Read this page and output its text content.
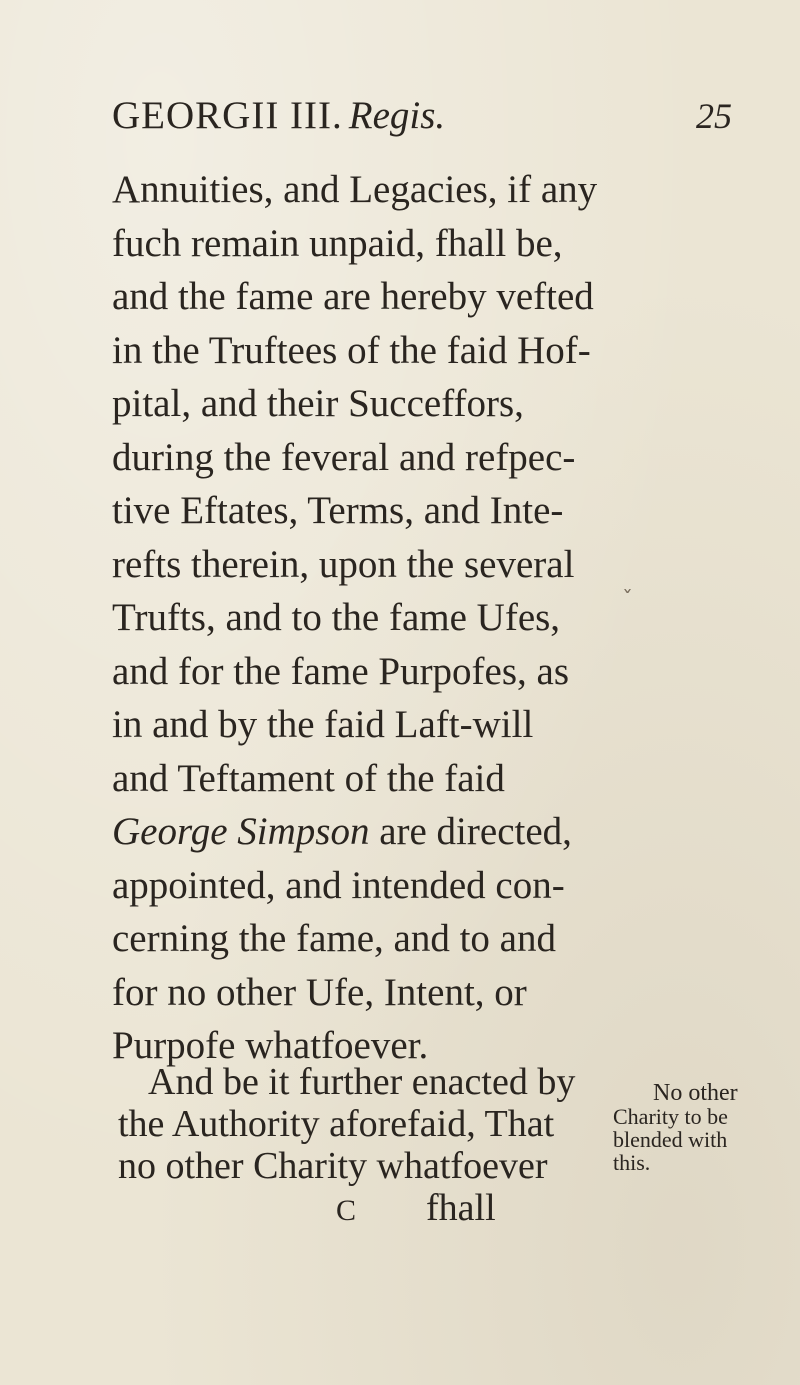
GEORGII III. Regis.	25
Annuities, and Legacies, if any
fuch remain unpaid, fhall be,
and the fame are hereby vefted
in the Truftees of the faid Hof-
pital, and their Succeffors,
during the feveral and refpec-
tive Eftates, Terms, and Inte-
refts therein, upon the several
Trufts, and to the fame Ufes,
and for the fame Purpofes, as
in and by the faid Laft-will
and Teftament of the faid
George Simpson are directed,
appointed, and intended con-
cerning the fame, and to and
for no other Ufe, Intent, or
Purpofe whatfoever.
ˇ
And be it further enacted by
the Authority aforefaid, That
no other Charity whatfoever
C fhall
No other
Charity to be
blended with
this.
